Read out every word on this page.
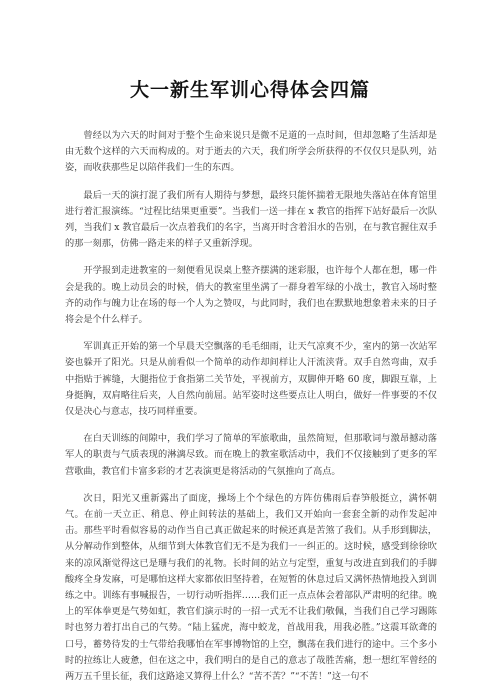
大一新生军训心得体会四篇

曾经以为六天的时间对于整个生命来说只是微不足道的一点时间，但却忽略了生活却是由无数个这样的六天而构成的。对于逝去的六天，我们所学会所获得的不仅仅只是队列，站姿，而收获那些足以陪伴我们一生的东西。

最后一天的演打混了我们所有人期待与梦想，最终只能怀揣着无限地失落站在体育馆里进行着汇报演练。“过程比结果更重要”。当我们一送一排在 x 教官的指挥下站好最后一次队列，当我们 x 教官最后一次点着我们的名字，当离开时含着泪水的告别，在与教官握住双手的那一刻那，仿佛一路走来的样子又重新浮现。

开学报到走进教室的一刻便看见误桌上整齐摆满的迷彩服，也许每个人都在想，哪一件会是我的。晚上动员会的时候，俏大的教室里坐满了一群身着军绿的小战士，教官入场时整齐的动作与魄力让在场的每一个人为之赞叹，与此同时，我们也在默默地想象着未来的日子将会是个什么样子。

军训真正开始的第一个早晨天空飘落的毛毛细雨，让天气凉爽不少，室内的第一次站军姿也躲开了阳光。只是从前看似一个简单的动作却间样让人汗流浃背。双手自然弯曲，双手中指贴于裤缝，大腿指位于食指第二关节处，平视前方，双脚伸开略 60 度，脚跟互靠，上身挺胸，双肩略往后夹，人自然向前屈。站军姿时这些要点让人明白，做好一件事要的不仅仅是决心与意志，技巧同样重要。

在白天训练的间隙中，我们学习了简单的军旅歌曲，虽然简短，但那歌词与激昂撼动落军人的职责与气质表现的淋漓尽致。而在晚上的教室歌活动中，我们不仅接触到了更多的军营歌曲，教官们卡富多彩的才艺表演更是将活动的气氛推向了高点。

次日，阳光又重新露出了面庞，操场上个个绿色的方阵仿佛雨后春笋般挺立，满怀朝气。在前一天立正、稍息、停止间转法的基础上，我们又开始向一套套全新的动作发起冲击。那些平时看似容易的动作当自己真正做起来的时候还真是苦煞了我们。从手形到脚法，从分解动作到整体，从细节到大体教官们无不是为我们一一纠正的。这时候，感受到徐徐吹来的凉风渐觉得这已是珊与我们的礼物。长时间的站立与定型，重复与改进直到我们的手脚酸疼全身发麻，可是哪怕这样大家都依旧坚持着，在短暂的休息过后又满怀热情地投入到训练之中。训练有事喊报告，一切行动听指挥……我们正一点点体会着部队严肃明的纪律。晚上的军体拳更是气势如虹，教官们演示时的一招一式无不让我们敬佩，当我们自己学习踢陈时也努力着打出自己的气势。“陆上猛虎，海中蛟龙，首战用我，用我必胜。”这震耳欲聋的口号，蓄势待发的士气带给我哪怕在军事博物馆的上空，飘荡在我们进行的途中。三个多小时的拉练让人疲惫，但在这之中，我们明白的是自己的意志了哉胜苦痛，想一想红军曾经的两万五千里长征，我们这路途又算得上什么？“苦不苦？”“不苦！”这一句不
